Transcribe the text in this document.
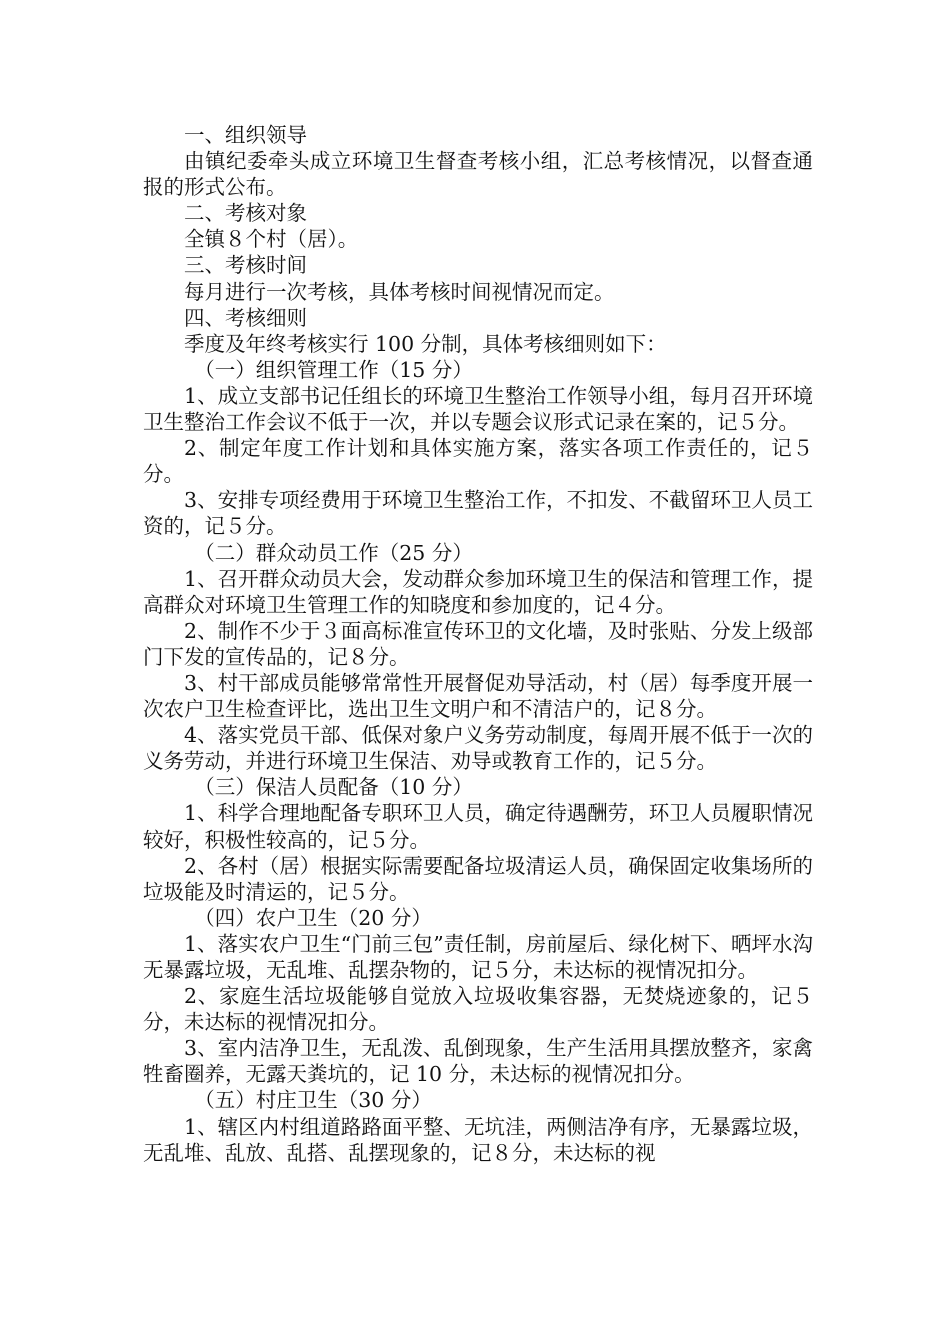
一、组织领导

由镇纪委牵头成立环境卫生督查考核小组，汇总考核情况，以督查通报的形式公布。

二、考核对象

全镇８个村（居）。

三、考核时间

每月进行一次考核，具体考核时间视情况而定。

四、考核细则

季度及年终考核实行 100 分制，具体考核细则如下：

（一）组织管理工作（15 分）

1、成立支部书记任组长的环境卫生整治工作领导小组，每月召开环境卫生整治工作会议不低于一次，并以专题会议形式记录在案的，记５分。

2、制定年度工作计划和具体实施方案，落实各项工作责任的，记５分。

3、安排专项经费用于环境卫生整治工作，不扣发、不截留环卫人员工资的，记５分。

（二）群众动员工作（25 分）

1、召开群众动员大会，发动群众参加环境卫生的保洁和管理工作，提高群众对环境卫生管理工作的知晓度和参加度的，记４分。

2、制作不少于３面高标准宣传环卫的文化墙，及时张贴、分发上级部门下发的宣传品的，记８分。

3、村干部成员能够常常性开展督促劝导活动，村（居）每季度开展一次农户卫生检查评比，选出卫生文明户和不清洁户的，记８分。

4、落实党员干部、低保对象户义务劳动制度，每周开展不低于一次的义务劳动，并进行环境卫生保洁、劝导或教育工作的，记５分。

（三）保洁人员配备（10 分）

1、科学合理地配备专职环卫人员，确定待遇酬劳，环卫人员履职情况较好，积极性较高的，记５分。

2、各村（居）根据实际需要配备垃圾清运人员，确保固定收集场所的垃圾能及时清运的，记５分。

（四）农户卫生（20 分）

1、落实农户卫生“门前三包”责任制，房前屋后、绿化树下、晒坪水沟无暴露垃圾，无乱堆、乱摆杂物的，记５分，未达标的视情况扣分。

2、家庭生活垃圾能够自觉放入垃圾收集容器，无焚烧迹象的，记５分，未达标的视情况扣分。

3、室内洁净卫生，无乱泼、乱倒现象，生产生活用具摆放整齐，家禽牲畜圈养，无露天粪坑的，记 10 分，未达标的视情况扣分。

（五）村庄卫生（30 分）

1、辖区内村组道路路面平整、无坑洼，两侧洁净有序，无暴露垃圾，无乱堆、乱放、乱搭、乱摆现象的，记８分，未达标的视
